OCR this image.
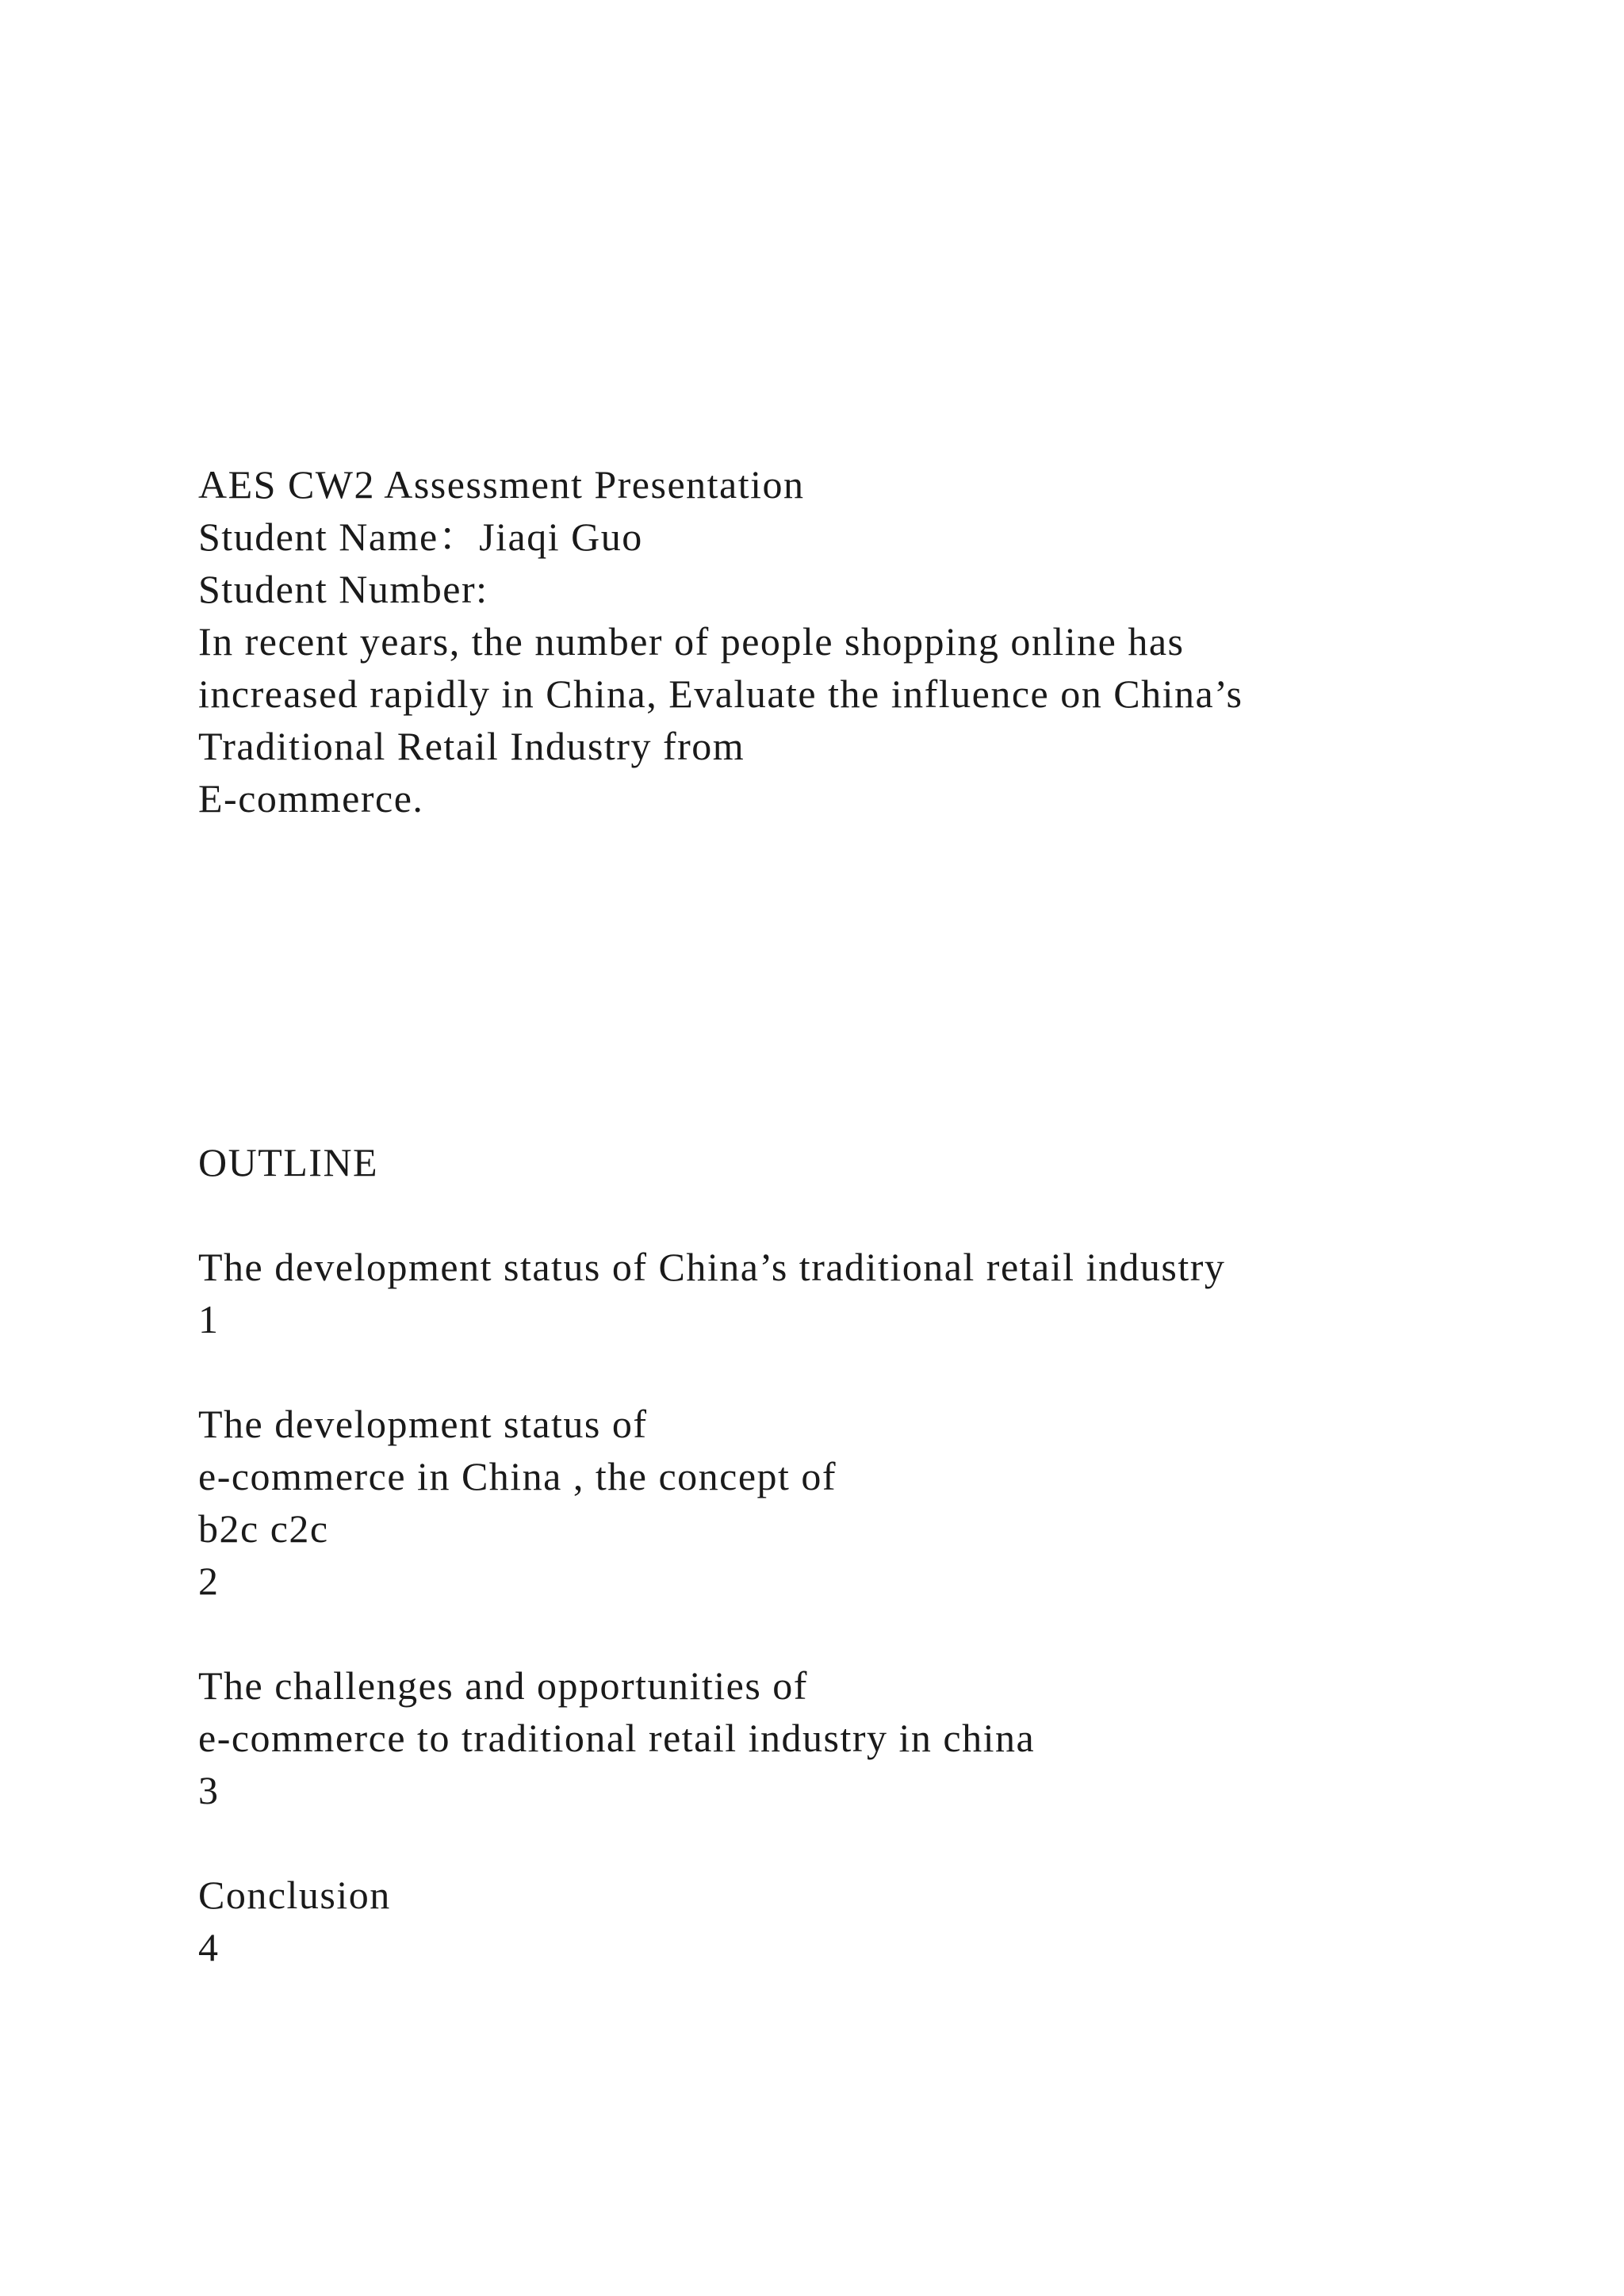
AES CW2 Assessment Presentation
Student Name：Jiaqi Guo
Student Number:
In recent years, the number of people shopping online has
increased rapidly in China, Evaluate the influence on China’s
Traditional Retail Industry from
E-commerce.
OUTLINE
The development status of China’s traditional retail industry
1
The development status of
e-commerce in China , the concept of
b2c c2c
2
The challenges and opportunities of
e-commerce to traditional retail industry in china
3
Conclusion
4
